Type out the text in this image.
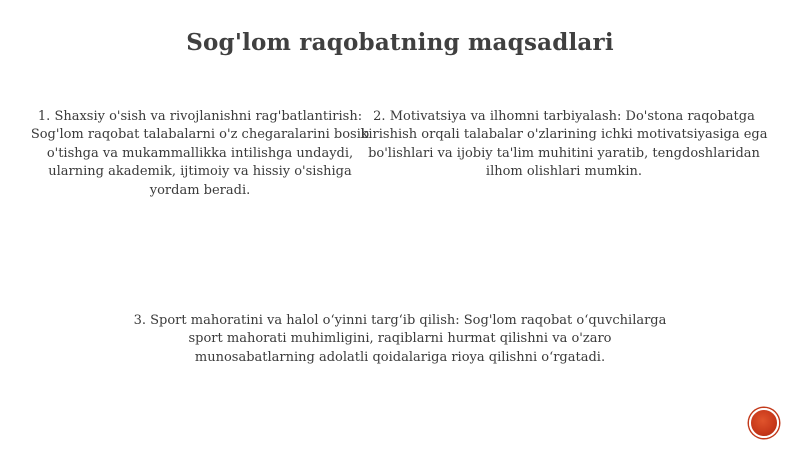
Sog'lom raqobatning maqsadlari
1. Shaxsiy o'sish va rivojlanishni rag'batlantirish: Sog'lom raqobat talabalarni o'z chegaralarini bosib o'tishga va mukammallikka intilishga undaydi, ularning akademik, ijtimoiy va hissiy o'sishiga yordam beradi.
2. Motivatsiya va ilhomni tarbiyalash: Do'stona raqobatga kirishish orqali talabalar o'zlarining ichki motivatsiyasiga ega bo'lishlari va ijobiy ta'lim muhitini yaratib, tengdoshlaridan ilhom olishlari mumkin.
3. Sport mahoratini va halol o‘yinni targ‘ib qilish: Sog'lom raqobat o‘quvchilarga sport mahorati muhimligini, raqiblarni hurmat qilishni va o'zaro munosabatlarning adolatli qoidalariga rioya qilishni o‘rgatadi.
